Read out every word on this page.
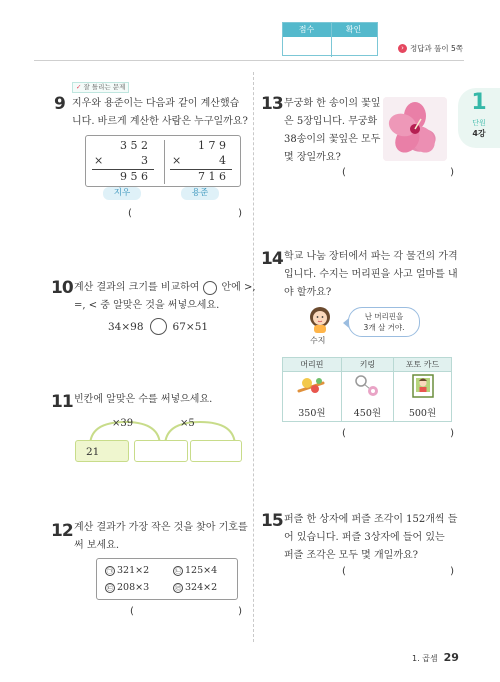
점수	확인
› 정답과 풀이 5쪽
1
단원
4강
✓ 잘 틀리는 문제
9 지우와 용준이는 다음과 같이 계산했습
니다. 바르게 계산한 사람은 누구일까요?
3 5 2
×	3
9 5 6
1 7 9
×	4
7 1 6
지우	용준
(	)
10 계산 결과의 크기를 비교하여 안에 >,
=, < 중 알맞은 것을 써넣으세요.
34×98	67×51
11 빈칸에 알맞은 수를 써넣으세요.
×39	×5
21
12 계산 결과가 가장 작은 것을 찾아 기호를
써 보세요.
㉠ 321×2	㉡ 125×4
㉢ 208×3	㉣ 324×2
(	)
13 무궁화 한 송이의 꽃잎
은 5장입니다. 무궁화
38송이의 꽃잎은 모두
몇 장일까요?
(	)
14 학교 나눔 장터에서 파는 각 물건의 가격
입니다. 수지는 머리핀을 사고 얼마를 내
야 할까요?
수지
난 머리핀을
3개 살 거야.
머리핀	키링	포토 카드

350원	450원	500원
(	)
15 퍼즐 한 상자에 퍼즐 조각이 152개씩 들
어 있습니다. 퍼즐 3상자에 들어 있는
퍼즐 조각은 모두 몇 개일까요?
(	)
1. 곱셈 29
